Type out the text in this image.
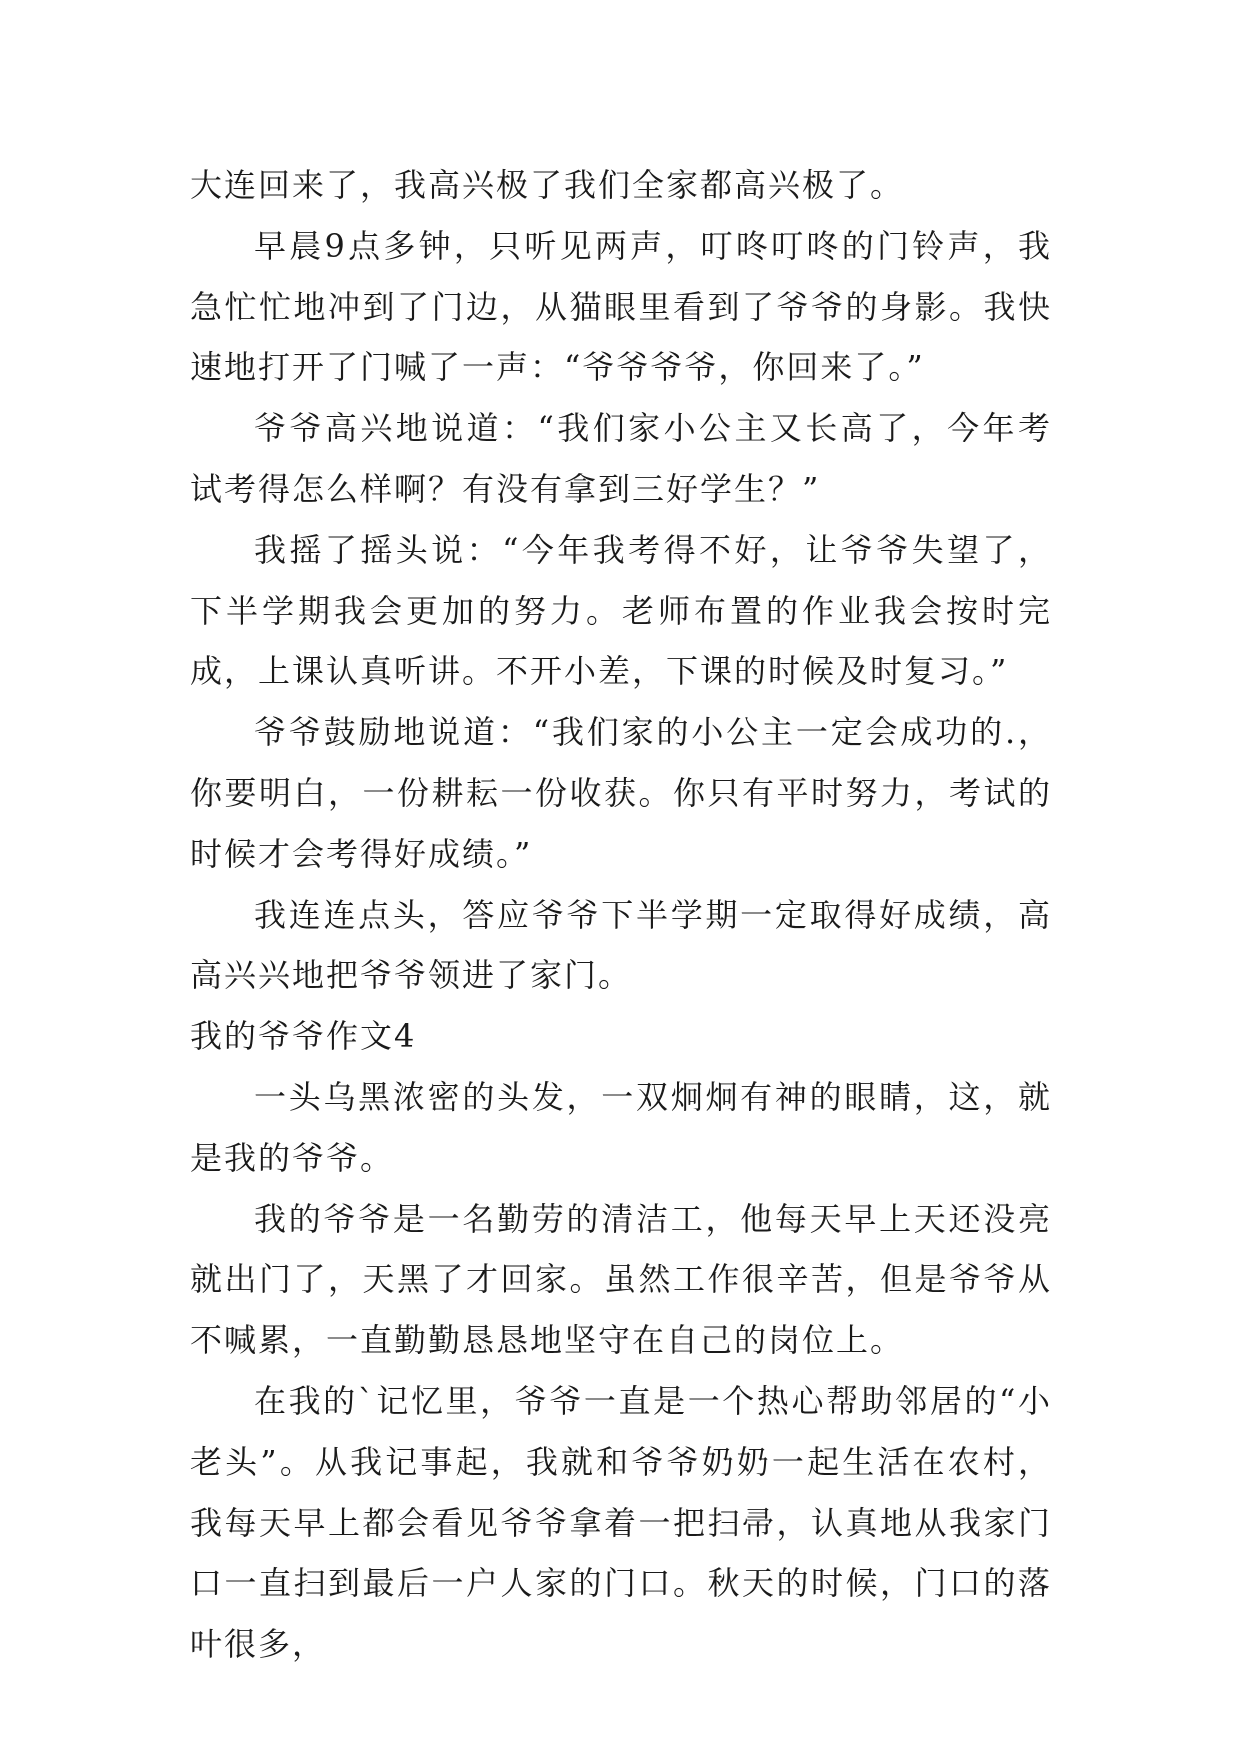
大连回来了，我高兴极了我们全家都高兴极了。

早晨9点多钟，只听见两声，叮咚叮咚的门铃声，我急忙忙地冲到了门边，从猫眼里看到了爷爷的身影。我快速地打开了门喊了一声：“爷爷爷爷，你回来了。”

爷爷高兴地说道：“我们家小公主又长高了，今年考试考得怎么样啊？有没有拿到三好学生？”

我摇了摇头说：“今年我考得不好，让爷爷失望了，下半学期我会更加的努力。老师布置的作业我会按时完成，上课认真听讲。不开小差，下课的时候及时复习。”

爷爷鼓励地说道：“我们家的小公主一定会成功的.，你要明白，一份耕耘一份收获。你只有平时努力，考试的时候才会考得好成绩。”

我连连点头，答应爷爷下半学期一定取得好成绩，高高兴兴地把爷爷领进了家门。

我的爷爷作文4

一头乌黑浓密的头发，一双炯炯有神的眼睛，这，就是我的爷爷。

我的爷爷是一名勤劳的清洁工，他每天早上天还没亮就出门了，天黑了才回家。虽然工作很辛苦，但是爷爷从不喊累，一直勤勤恳恳地坚守在自己的岗位上。

在我的`记忆里，爷爷一直是一个热心帮助邻居的“小老头”。从我记事起，我就和爷爷奶奶一起生活在农村，我每天早上都会看见爷爷拿着一把扫帚，认真地从我家门口一直扫到最后一户人家的门口。秋天的时候，门口的落叶很多，
